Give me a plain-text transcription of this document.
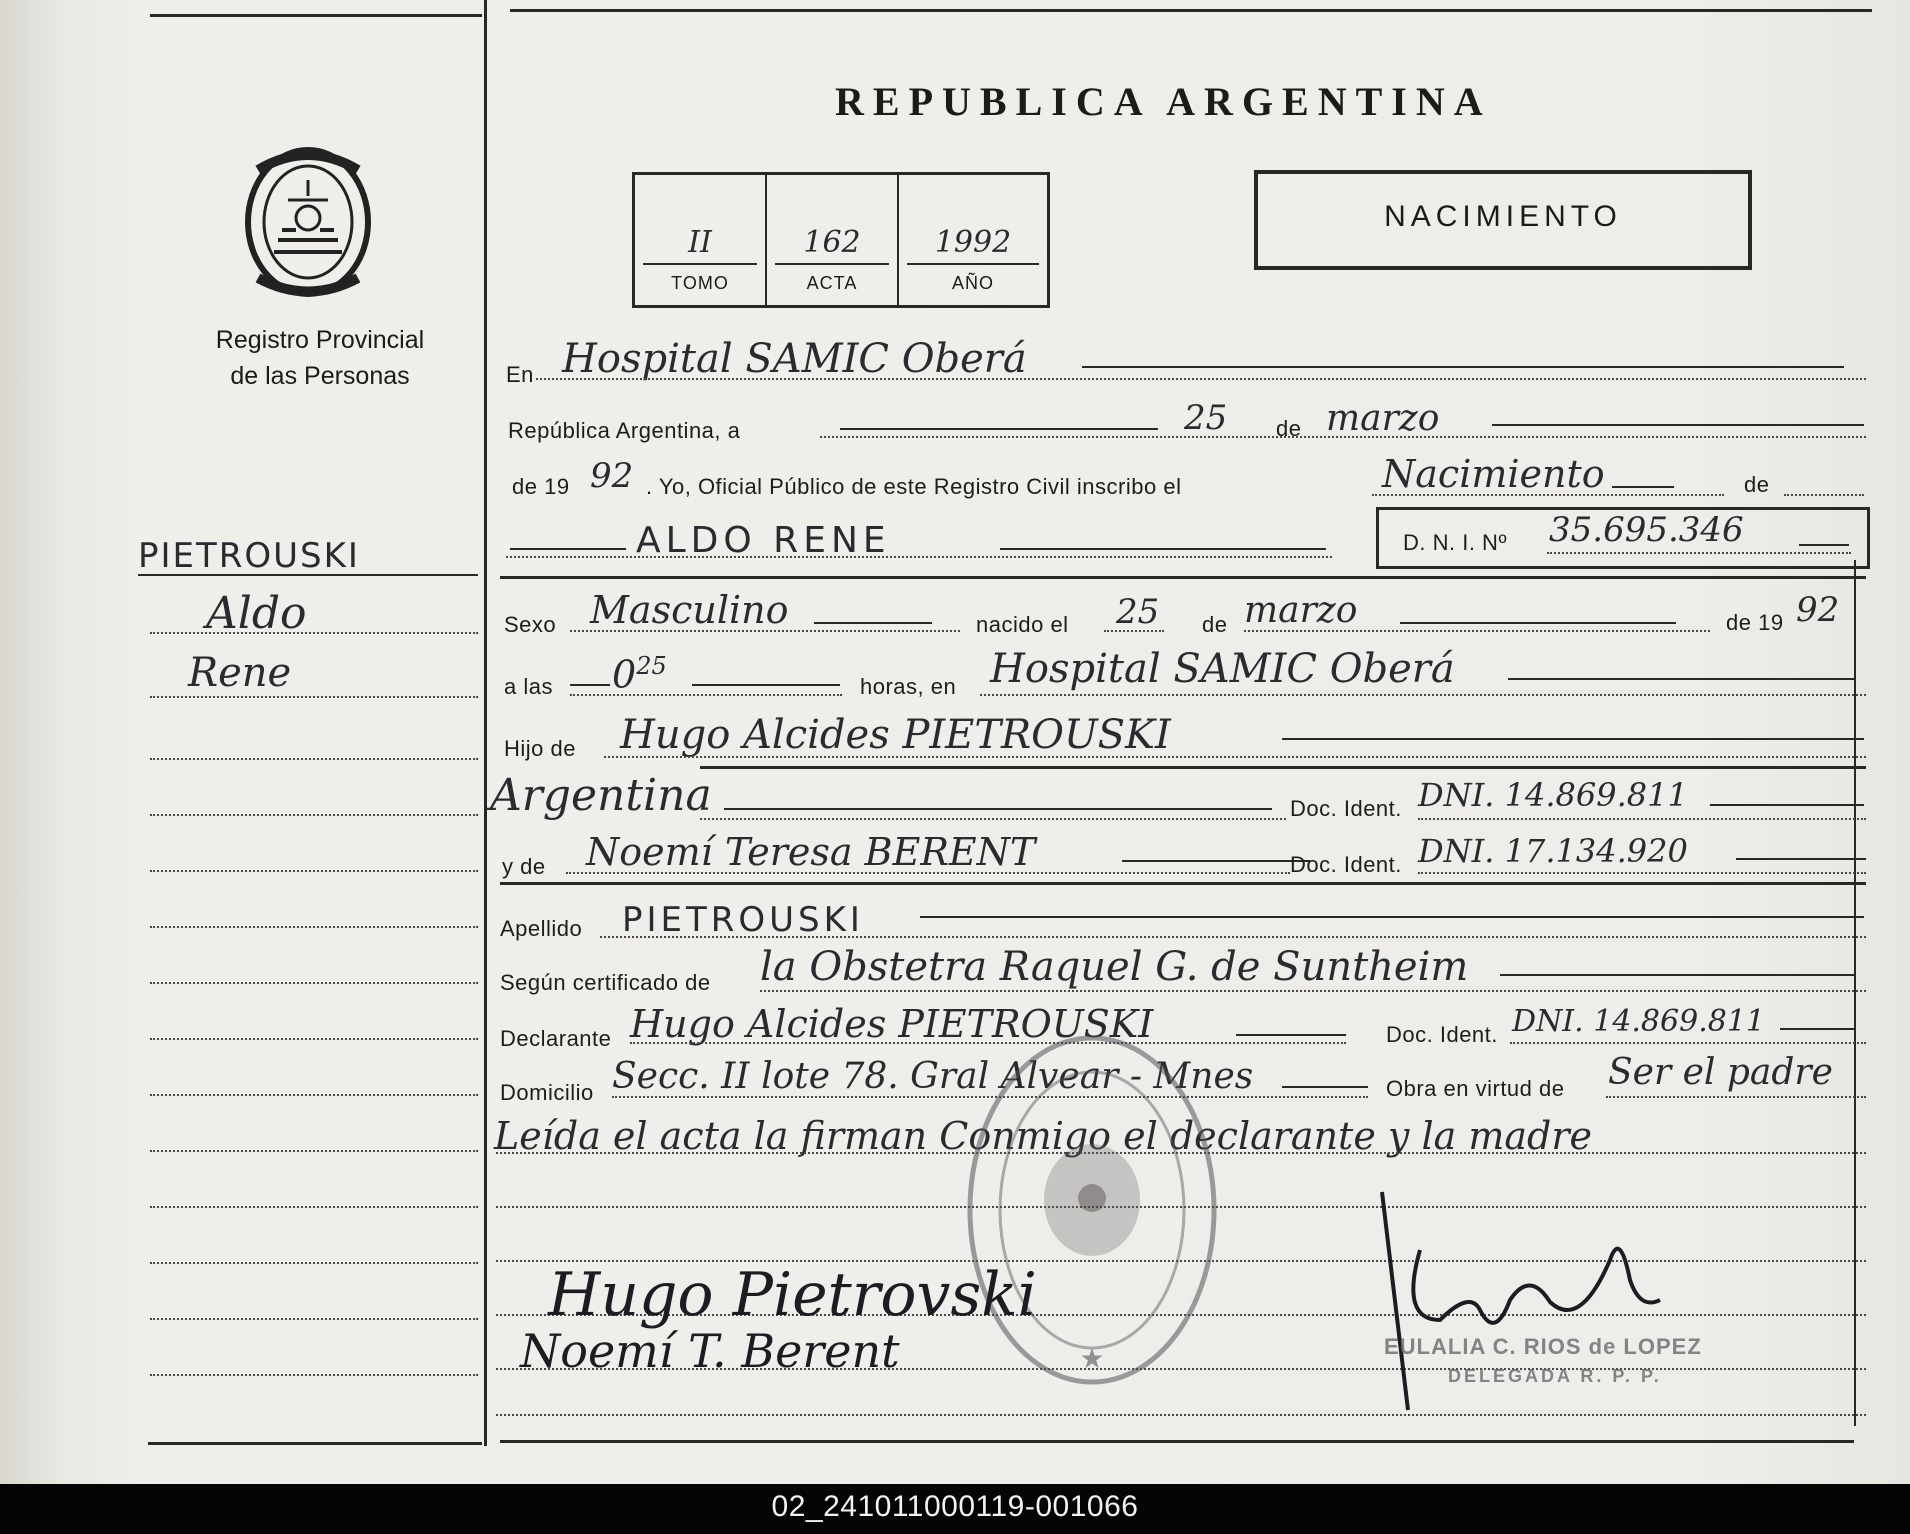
Registro Provincial
de las Personas
PIETROUSKI
Aldo
Rene
REPUBLICA ARGENTINA
II
TOMO
162
ACTA
1992
AÑO
NACIMIENTO
En Hospital SAMIC Oberá
República Argentina, a	25 de marzo
de 19 92 . Yo, Oficial Público de este Registro Civil inscribo el	Nacimiento	de
ALDO RENE	D. N. I. Nº 35.695.346
Sexo Masculino	nacido el 25 de marzo	de 19 92
a las $0^{25}$
horas, en Hospital SAMIC Oberá
Hijo de Hugo Alcides PIETROUSKI
Argentina	Doc. Ident. DNI. 14.869.811
y de Noemí Teresa BERENT	Doc. Ident. DNI. 17.134.920
Apellido PIETROUSKI
Según certificado de la Obstetra Raquel G. de Suntheim
Declarante Hugo Alcides PIETROUSKI	Doc. Ident. DNI. 14.869.811
Domicilio Secc. II lote 78. Gral Alvear - Mnes	Obra en virtud de Ser el padre
Leída el acta la firman Conmigo el declarante y la madre
★
Hugo Pietrovski
Noemí T. Berent	EULALIA C. RIOS de LOPEZ
DELEGADA R. P. P.
02_241011000119-001066
